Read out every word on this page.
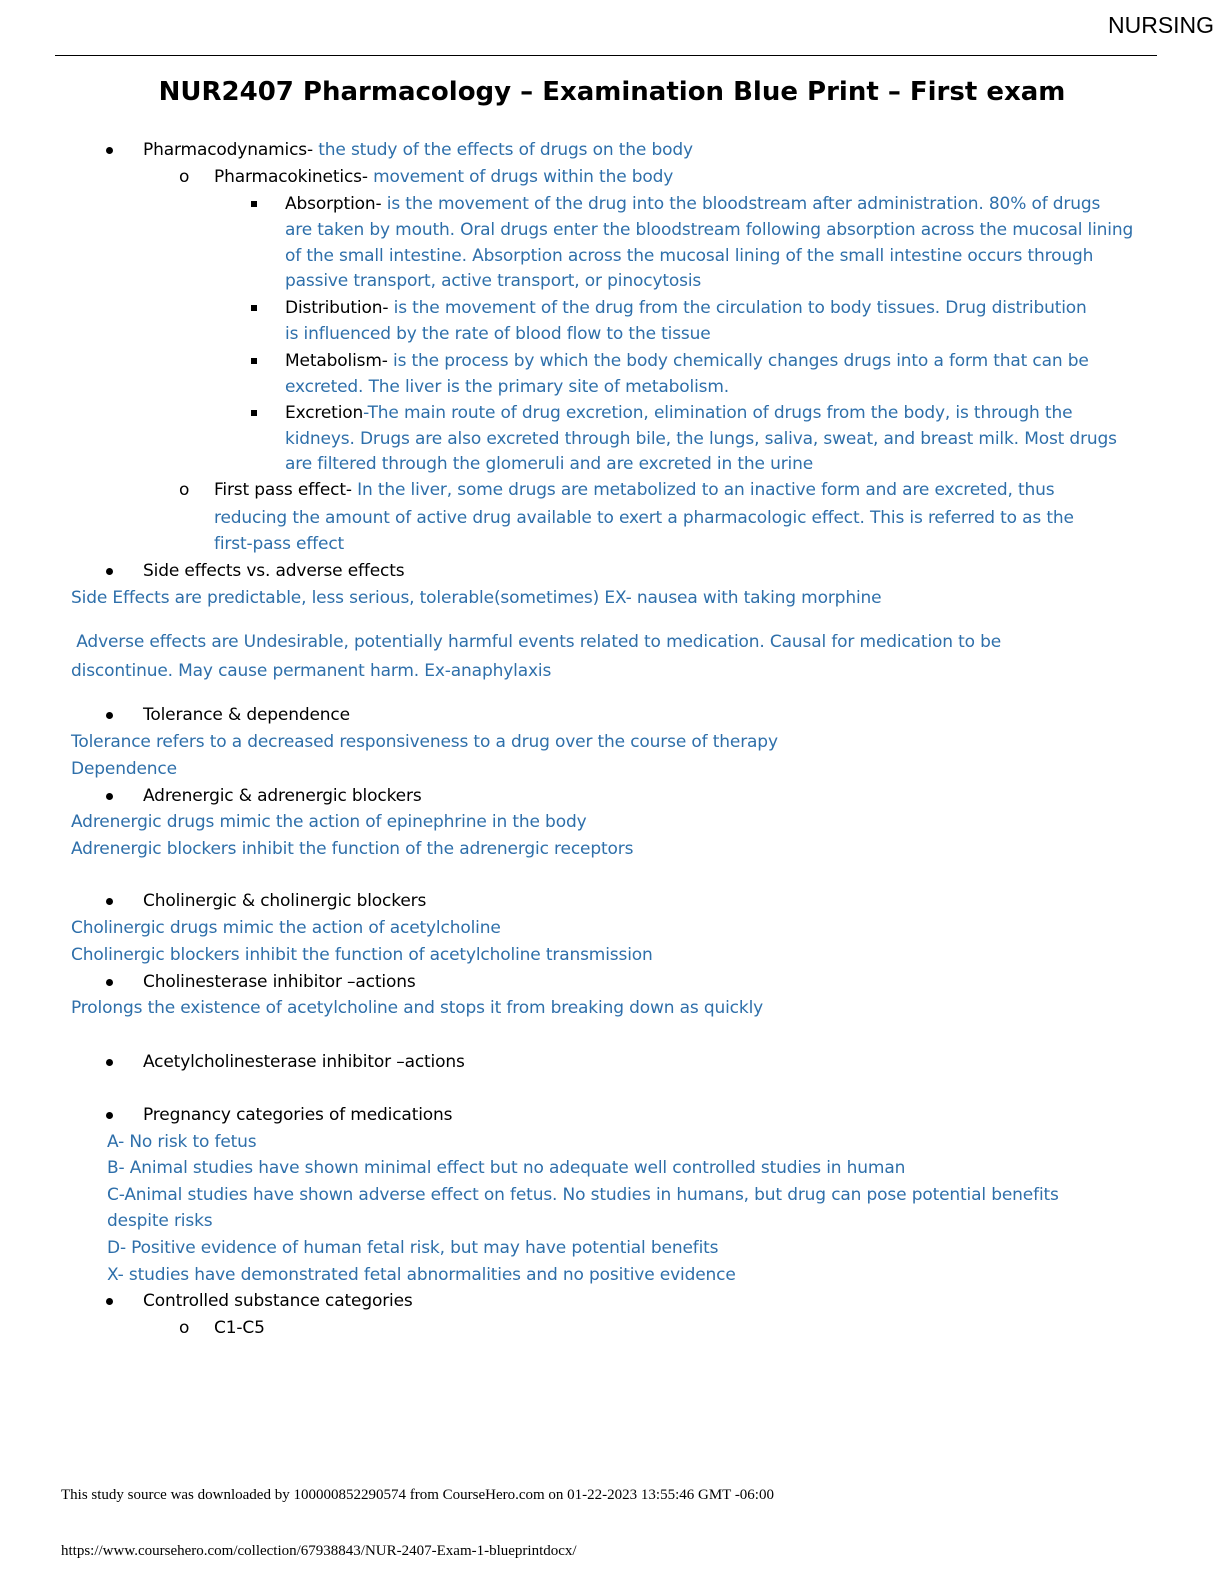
NURSING
NUR2407 Pharmacology – Examination Blue Print – First exam
Pharmacodynamics- the study of the effects of drugs on the body
o Pharmacokinetics- movement of drugs within the body
Absorption- is the movement of the drug into the bloodstream after administration. 80% of drugs
are taken by mouth. Oral drugs enter the bloodstream following absorption across the mucosal lining
of the small intestine. Absorption across the mucosal lining of the small intestine occurs through
passive transport, active transport, or pinocytosis
Distribution- is the movement of the drug from the circulation to body tissues. Drug distribution
is influenced by the rate of blood flow to the tissue
Metabolism- is the process by which the body chemically changes drugs into a form that can be
excreted. The liver is the primary site of metabolism.
Excretion-The main route of drug excretion, elimination of drugs from the body, is through the
kidneys. Drugs are also excreted through bile, the lungs, saliva, sweat, and breast milk. Most drugs
are filtered through the glomeruli and are excreted in the urine
o First pass effect- In the liver, some drugs are metabolized to an inactive form and are excreted, thus
reducing the amount of active drug available to exert a pharmacologic effect. This is referred to as the
first-pass effect
Side effects vs. adverse effects
Side Effects are predictable, less serious, tolerable(sometimes) EX- nausea with taking morphine
Adverse effects are Undesirable, potentially harmful events related to medication. Causal for medication to be
discontinue. May cause permanent harm. Ex-anaphylaxis
Tolerance & dependence
Tolerance refers to a decreased responsiveness to a drug over the course of therapy
Dependence
Adrenergic & adrenergic blockers
Adrenergic drugs mimic the action of epinephrine in the body
Adrenergic blockers inhibit the function of the adrenergic receptors
Cholinergic & cholinergic blockers
Cholinergic drugs mimic the action of acetylcholine
Cholinergic blockers inhibit the function of acetylcholine transmission
Cholinesterase inhibitor –actions
Prolongs the existence of acetylcholine and stops it from breaking down as quickly
Acetylcholinesterase inhibitor –actions
Pregnancy categories of medications
A- No risk to fetus
B- Animal studies have shown minimal effect but no adequate well controlled studies in human
C-Animal studies have shown adverse effect on fetus. No studies in humans, but drug can pose potential benefits
despite risks
D- Positive evidence of human fetal risk, but may have potential benefits
X- studies have demonstrated fetal abnormalities and no positive evidence
Controlled substance categories
o C1-C5
This study source was downloaded by 100000852290574 from CourseHero.com on 01-22-2023 13:55:46 GMT -06:00
https://www.coursehero.com/collection/67938843/NUR-2407-Exam-1-blueprintdocx/
